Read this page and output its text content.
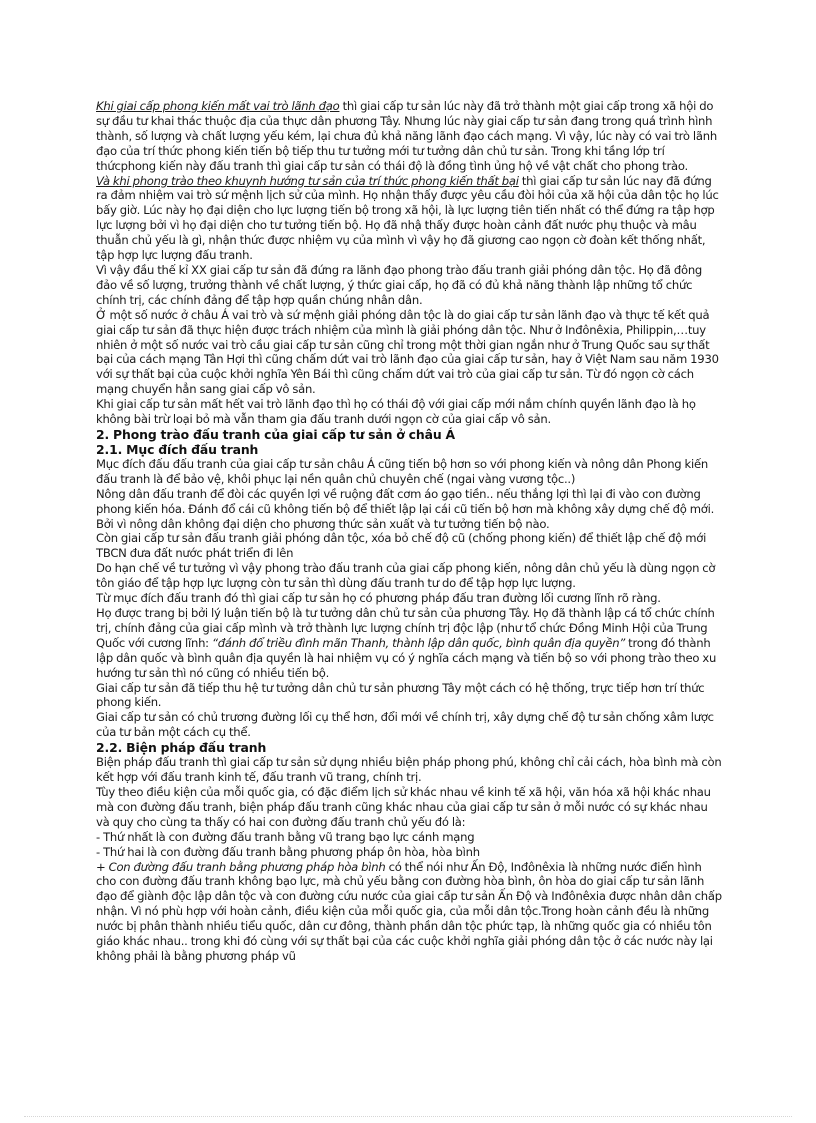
Khi giai cấp phong kiến mất vai trò lãnh đạo thì giai cấp tư sản lúc này đã trở thành một giai cấp trong xã hội do sự đầu tư khai thác thuộc địa của thực dân phương Tây. Nhưng lúc này giai cấp tư sản đang trong quá trình hình thành, số lượng và chất lượng yếu kém, lại chưa đủ khả năng lãnh đạo cách mạng. Vì vậy, lúc này có vai trò lãnh đạo của trí thức phong kiến tiến bộ tiếp thu tư tưởng mới tư tưởng dân chủ tư sản. Trong khi tầng lớp trí thứcphong kiến này đấu tranh thì giai cấp tư sản có thái độ là đồng tình ủng hộ về vật chất cho phong trào.

Và khi phong trào theo khuynh hướng tư sản của trí thức phong kiến thất bại thì giai cấp tư sản lúc nay đã đứng ra đảm nhiệm vai trò sứ mệnh lịch sử của mình. Họ nhận thấy được yêu cầu đòi hỏi của xã hội của dân tộc họ lúc bấy giờ. Lúc này họ đại diện cho lực lượng tiến bộ trong xã hội, là lực lượng tiên tiến nhất có thể đứng ra tập hợp lực lượng bởi vì họ đại diện cho tư tưởng tiến bộ. Họ đã nhậ thấy được hoàn cảnh đất nước phụ thuộc và mâu thuẫn chủ yếu là gì, nhận thức được nhiệm vụ của mình vì vậy họ đã giương cao ngọn cờ đoàn kết thống nhất, tập hợp lực lượng đấu tranh.

Vì vậy đầu thế kỉ XX giai cấp tư sản đã đứng ra lãnh đạo phong trào đấu tranh giải phóng dân tộc. Họ đã đông đảo về số lượng, trưởng thành về chất lượng, ý thức giai cấp, họ đã có đủ khả năng thành lập những tổ chức chính trị, các chính đảng để tập hợp quần chúng nhân dân.

Ở một số nước ở châu Á vai trò và sứ mệnh giải phóng dân tộc là do giai cấp tư sản lãnh đạo và thực tế kết quả giai cấp tư sản đã thực hiện được trách nhiệm của mình là giải phóng dân tộc. Như ở Inđônêxia, Philippin,…tuy nhiên ở một số nước vai trò cầu giai cấp tư sản cũng chỉ trong một thời gian ngắn như ở Trung Quốc sau sự thất bại của cách mạng Tân Hợi thì cũng chấm dứt vai trò lãnh đạo của giai cấp tư sản, hay ở Việt Nam sau năm 1930 với sự thất bại của cuộc khởi nghĩa Yên Bái thì cũng chấm dứt vai trò của giai cấp tư sản. Từ đó ngọn cờ cách mạng chuyển hẳn sang giai cấp vô sản.

Khi giai cấp tư sản mất hết vai trò lãnh đạo thì họ có thái độ với giai cấp mới nắm chính quyền lãnh đạo là họ không bài trừ loại bỏ mà vẫn tham gia đấu tranh dưới ngọn cờ của giai cấp vô sản.

2. Phong trào đấu tranh của giai cấp tư sản ở châu Á
2.1. Mục đích đấu tranh

Mục đích đấu đấu tranh của giai cấp tư sản châu Á cũng tiến bộ hơn so với phong kiến và nông dân Phong kiến đấu tranh là để bảo vệ, khôi phục lại nền quân chủ chuyên chế (ngai vàng vương tộc..)

Nông dân đấu tranh để đòi các quyền lợi về ruộng đất cơm áo gạo tiền.. nếu thắng lợi thì lại đi vào con đường phong kiến hóa. Đánh đổ cái cũ không tiến bộ để thiết lập lại cái cũ tiến bộ hơn mà không xây dựng chế độ mới. Bởi vì nông dân không đại diện cho phương thức sản xuất và tư tưởng tiến bộ nào.

Còn giai cấp tư sản đấu tranh giải phóng dân tộc, xóa bỏ chế độ cũ (chống phong kiến) để thiết lập chế độ mới TBCN đưa đất nước phát triển đi lên

Do hạn chế về tư tưởng vì vậy phong trào đấu tranh của giai cấp phong kiến, nông dân chủ yếu là dùng ngọn cờ tôn giáo để tập hợp lực lượng còn tư sản thì dùng đấu tranh tư do để tập hợp lực lượng.

Từ mục đích đấu tranh đó thì giai cấp tư sản họ có phương pháp đấu tran đường lối cương lĩnh rõ ràng.

Họ được trang bị bởi lý luận tiến bộ là tư tưởng dân chủ tư sản của phương Tây. Họ đã thành lập cá tổ chức chính trị, chính đảng của giai cấp mình và trở thành lực lượng chính trị độc lập (như tổ chức Đồng Minh Hội của Trung Quốc với cương lĩnh: “đánh đổ triều đình mãn Thanh, thành lập dân quốc, bình quân địa quyền” trong đó thành lập dân quốc và bình quân địa quyền là hai nhiệm vụ có ý nghĩa cách mạng và tiến bộ so với phong trào theo xu hướng tư sản thì nó cũng có nhiều tiến bộ.

Giai cấp tư sản đã tiếp thu hệ tư tưởng dân chủ tư sản phương Tây một cách có hệ thống, trực tiếp hơn trí thức phong kiến.

Giai cấp tư sản có chủ trương đường lối cụ thể hơn, đổi mới về chính trị, xây dựng chế độ tư sản chống xâm lược của tư bản một cách cụ thể.

2.2. Biện pháp đấu tranh

Biện pháp đấu tranh thì giai cấp tư sản sử dụng nhiều biện pháp phong phú, không chỉ cải cách, hòa bình mà còn kết hợp với đấu tranh kinh tế, đấu tranh vũ trang, chính trị.

Tùy theo điều kiện của mỗi quốc gia, có đặc điểm lịch sử khác nhau về kinh tế xã hội, văn hóa xã hội khác nhau mà con đường đấu tranh, biện pháp đấu tranh cũng khác nhau của giai cấp tư sản ở mỗi nước có sự khác nhau và quy cho cùng ta thấy có hai con đường đấu tranh chủ yếu đó là:

- Thứ nhất là con đường đấu tranh bằng vũ trang bạo lực cánh mạng

- Thứ hai là con đường đấu tranh bằng phương pháp ôn hòa, hòa bình

+ Con đường đấu tranh bằng phương pháp hòa bình có thể nói như Ấn Độ, Inđônêxia là những nước điển hình cho con đường đấu tranh không bạo lực, mà chủ yếu bằng con đường hòa bình, ôn hòa do giai cấp tư sản lãnh đạo để giành độc lập dân tộc và con đường cứu nước của giai cấp tư sản Ấn Độ và Inđônêxia được nhân dân chấp nhận. Vì nó phù hợp với hoàn cảnh, điều kiện của mỗi quốc gia, của mỗi dân tộc.Trong hoàn cảnh đều là những nước bị phân thành nhiều tiểu quốc, dân cư đông, thành phần dân tộc phức tạp, là những quốc gia có nhiều tôn giáo khác nhau.. trong khi đó cùng với sự thất bại của các cuộc khởi nghĩa giải phóng dân tộc ở các nước này lại không phải là bằng phương pháp vũ
